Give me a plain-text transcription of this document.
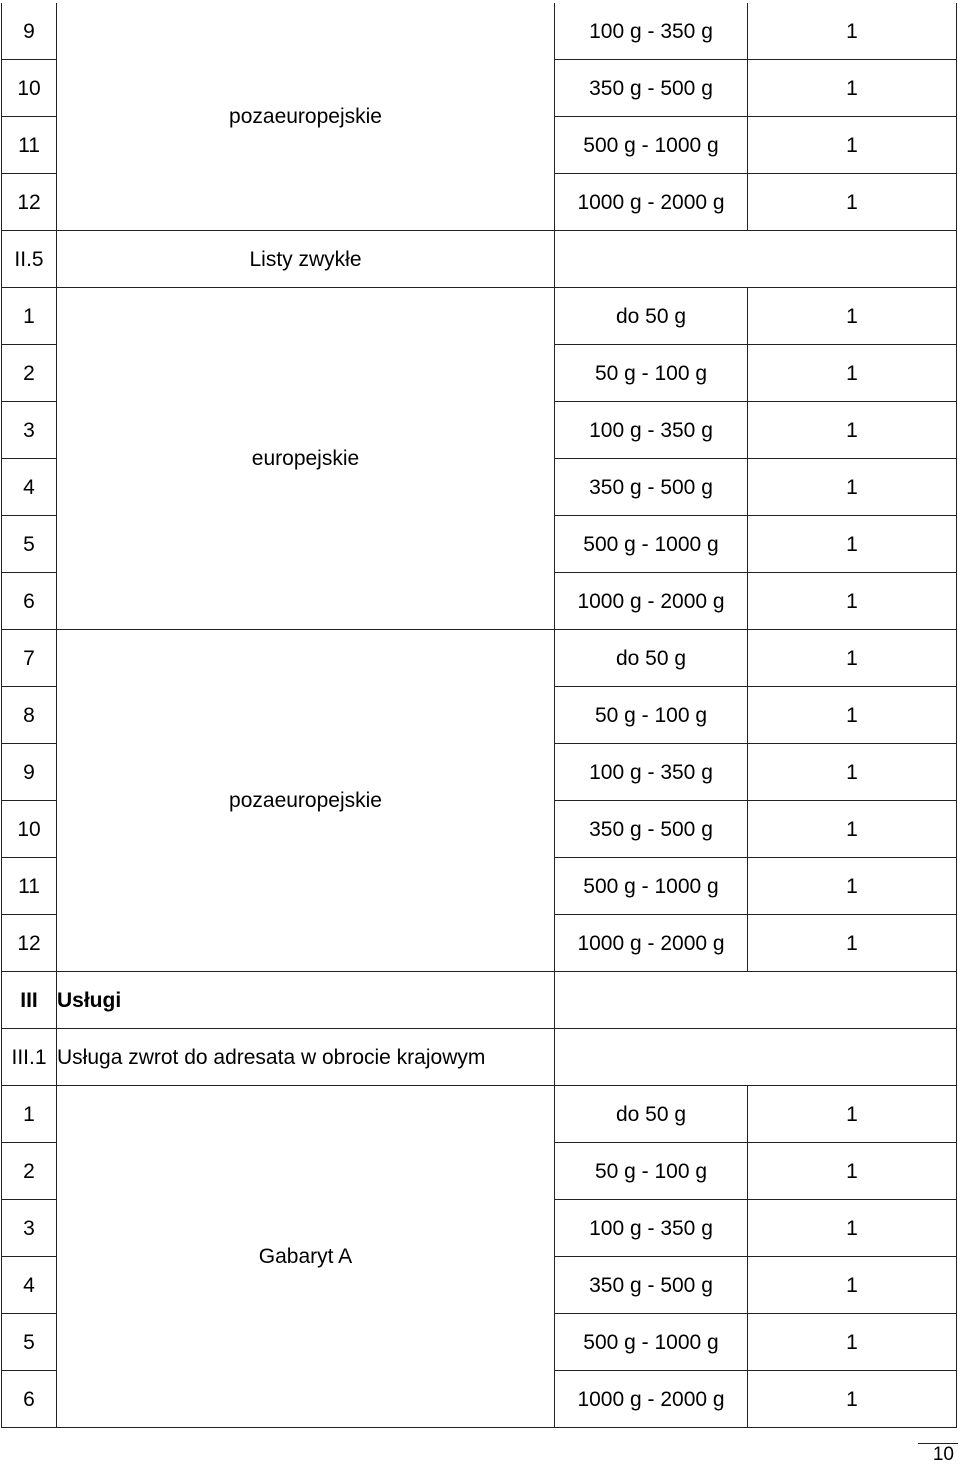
9	pozaeuropejskie	100 g - 350 g	1
10		350 g - 500 g	1
11		500 g - 1000 g	1
12		1000 g - 2000 g	1
II.5	Listy zwykłe		
1	europejskie	do 50 g	1
2		50 g - 100 g	1
3		100 g - 350 g	1
4		350 g - 500 g	1
5		500 g - 1000 g	1
6		1000 g - 2000 g	1
7	pozaeuropejskie	do 50 g	1
8		50 g - 100 g	1
9		100 g - 350 g	1
10		350 g - 500 g	1
11		500 g - 1000 g	1
12		1000 g - 2000 g	1
III	Usługi		
III.1	Usługa zwrot do adresata w obrocie krajowym		
1	Gabaryt A	do 50 g	1
2		50 g - 100 g	1
3		100 g - 350 g	1
4		350 g - 500 g	1
5		500 g - 1000 g	1
6		1000 g - 2000 g	1
10
